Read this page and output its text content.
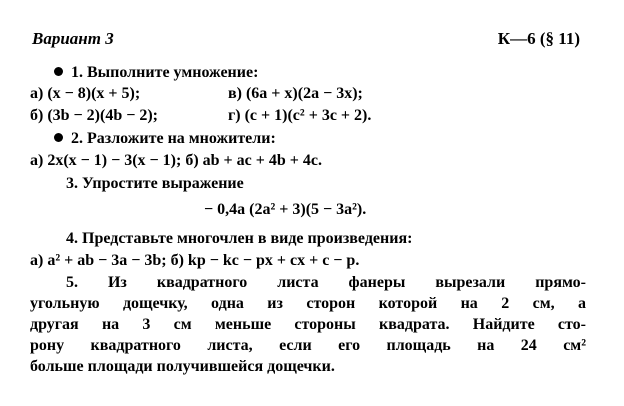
Вариант 3	К—6 (§ 11)
1. Выполните умножение:
а) (x − 8)(x + 5);	в) (6a + x)(2a − 3x);
б) (3b − 2)(4b − 2);	г) (c + 1)(c² + 3c + 2).
2. Разложите на множители:
а) 2x(x − 1) − 3(x − 1); б) ab + ac + 4b + 4c.
3. Упростите выражение
− 0,4a (2a² + 3)(5 − 3a²).
4. Представьте многочлен в виде произведения:
а) a² + ab − 3a − 3b; б) kp − kc − px + cx + c − p.
5. Из квадратного листа фанеры вырезали прямо-
угольную дощечку, одна из сторон которой на 2 см, а
другая на 3 см меньше стороны квадрата. Найдите сто-
рону квадратного листа, если его площадь на 24 см²
больше площади получившейся дощечки.
